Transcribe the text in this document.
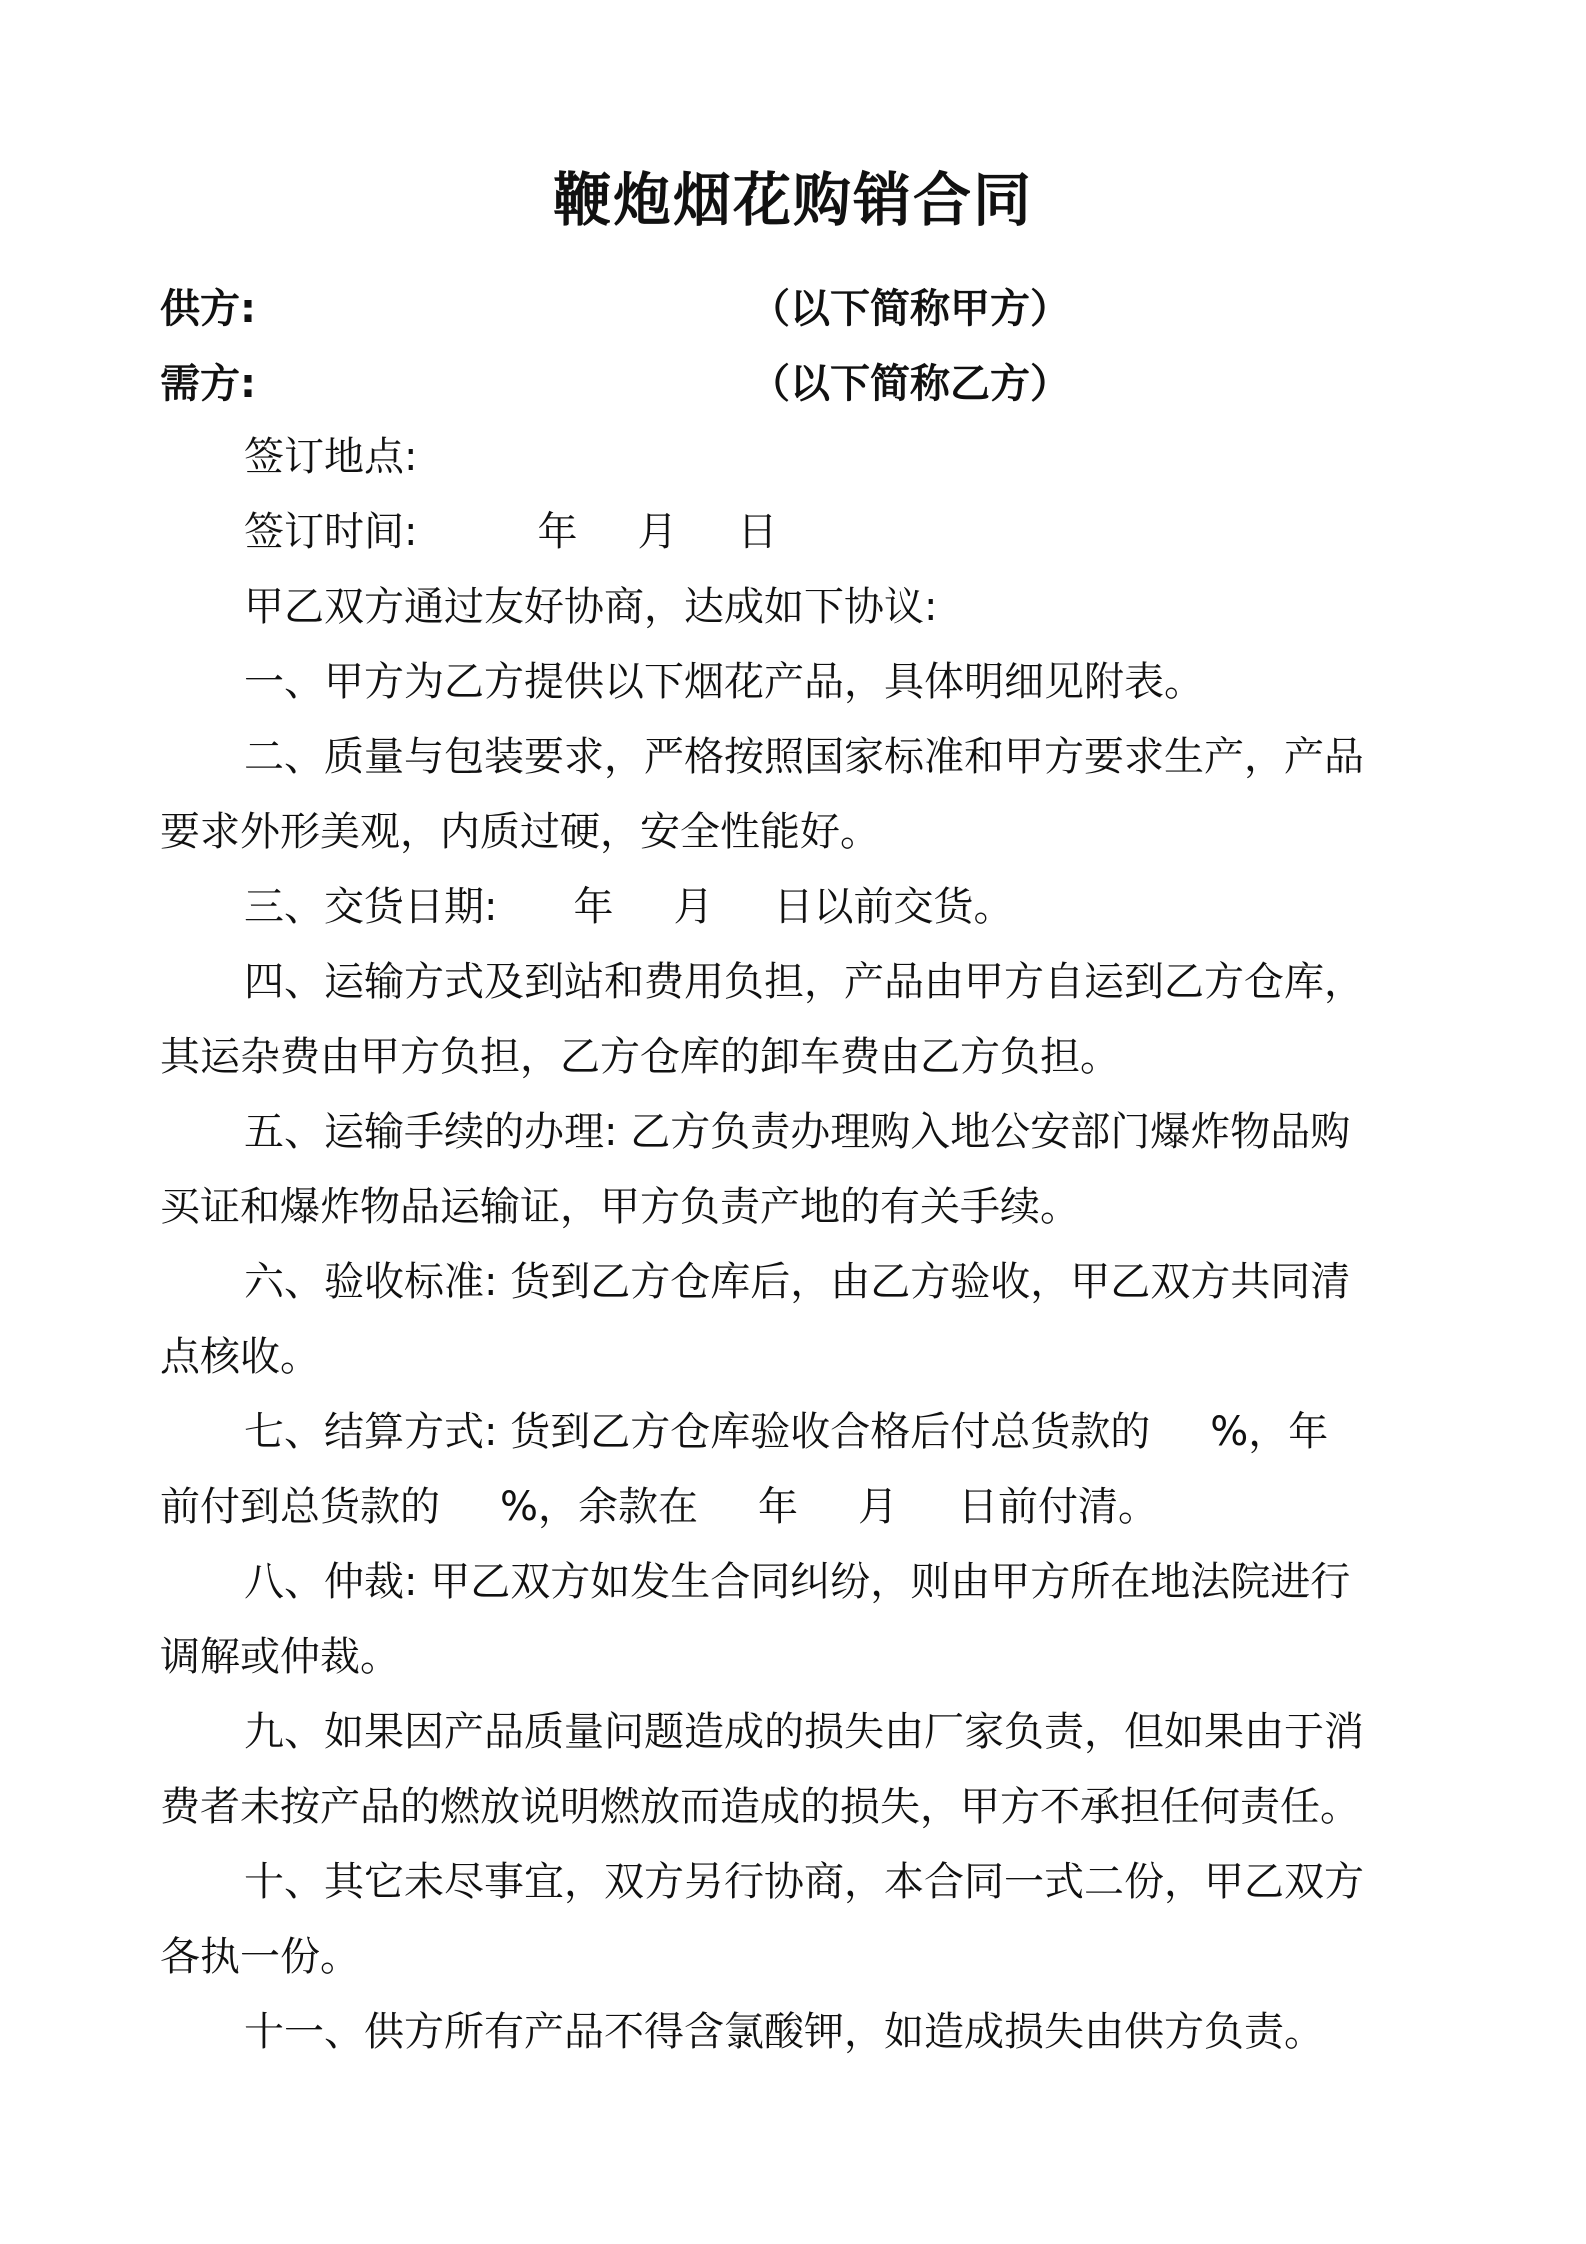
鞭炮烟花购销合同
供方:	（以下简称甲方）
需方:	（以下简称乙方）
签订地点:
签订时间:	年 月 日
甲乙双方通过友好协商，达成如下协议:
一、甲方为乙方提供以下烟花产品，具体明细见附表。
二、质量与包装要求，严格按照国家标准和甲方要求生产，产品
要求外形美观，内质过硬，安全性能好。
三、交货日期: 年 月 日以前交货。
四、运输方式及到站和费用负担，产品由甲方自运到乙方仓库，
其运杂费由甲方负担，乙方仓库的卸车费由乙方负担。
五、运输手续的办理: 乙方负责办理购入地公安部门爆炸物品购
买证和爆炸物品运输证，甲方负责产地的有关手续。
六、验收标准: 货到乙方仓库后，由乙方验收，甲乙双方共同清
点核收。
七、结算方式: 货到乙方仓库验收合格后付总货款的 %，年
前付到总货款的 %，余款在 年 月 日前付清。
八、仲裁: 甲乙双方如发生合同纠纷，则由甲方所在地法院进行
调解或仲裁。
九、如果因产品质量问题造成的损失由厂家负责，但如果由于消
费者未按产品的燃放说明燃放而造成的损失，甲方不承担任何责任。
十、其它未尽事宜，双方另行协商，本合同一式二份，甲乙双方
各执一份。
十一、供方所有产品不得含氯酸钾，如造成损失由供方负责。
